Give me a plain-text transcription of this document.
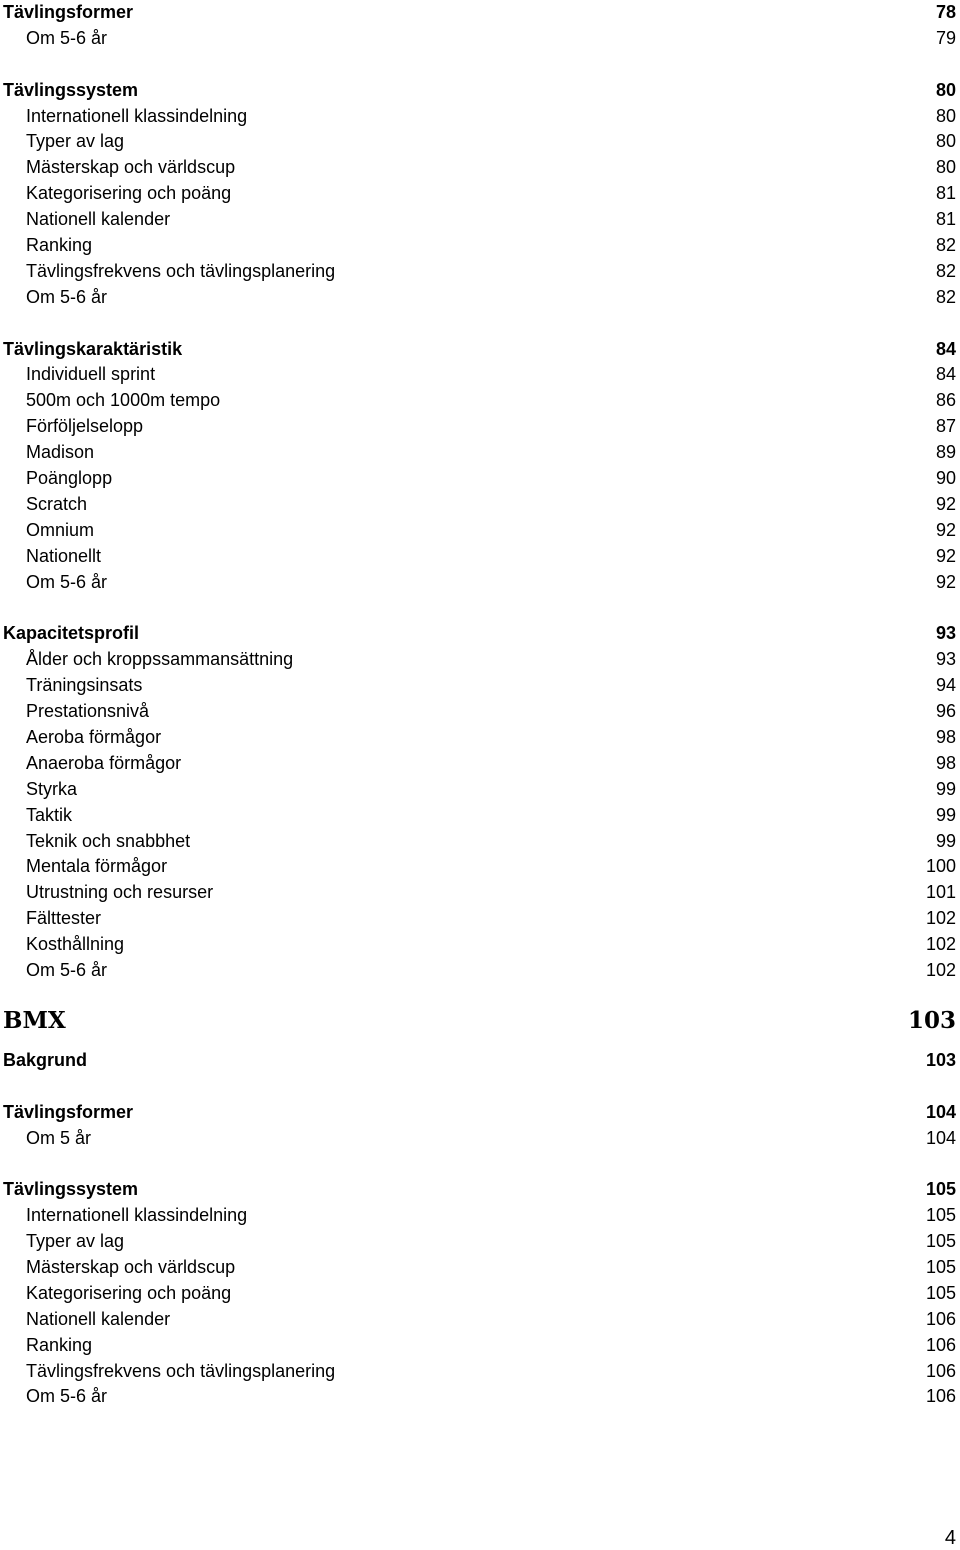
Tävlingsformer	78
Om 5-6 år	79
Tävlingssystem	80
Internationell klassindelning	80
Typer av lag	80
Mästerskap och världscup	80
Kategorisering och poäng	81
Nationell kalender	81
Ranking	82
Tävlingsfrekvens och tävlingsplanering	82
Om 5-6 år	82
Tävlingskaraktäristik	84
Individuell sprint	84
500m och 1000m tempo	86
Förföljelselopp	87
Madison	89
Poänglopp	90
Scratch	92
Omnium	92
Nationellt	92
Om 5-6 år	92
Kapacitetsprofil	93
Ålder och kroppssammansättning	93
Träningsinsats	94
Prestationsnivå	96
Aeroba förmågor	98
Anaeroba förmågor	98
Styrka	99
Taktik	99
Teknik och snabbhet	99
Mentala förmågor	100
Utrustning och resurser	101
Fälttester	102
Kosthållning	102
Om 5-6 år	102
BMX	103
Bakgrund	103
Tävlingsformer	104
Om 5 år	104
Tävlingssystem	105
Internationell klassindelning	105
Typer av lag	105
Mästerskap och världscup	105
Kategorisering och poäng	105
Nationell kalender	106
Ranking	106
Tävlingsfrekvens och tävlingsplanering	106
Om 5-6 år	106
4
